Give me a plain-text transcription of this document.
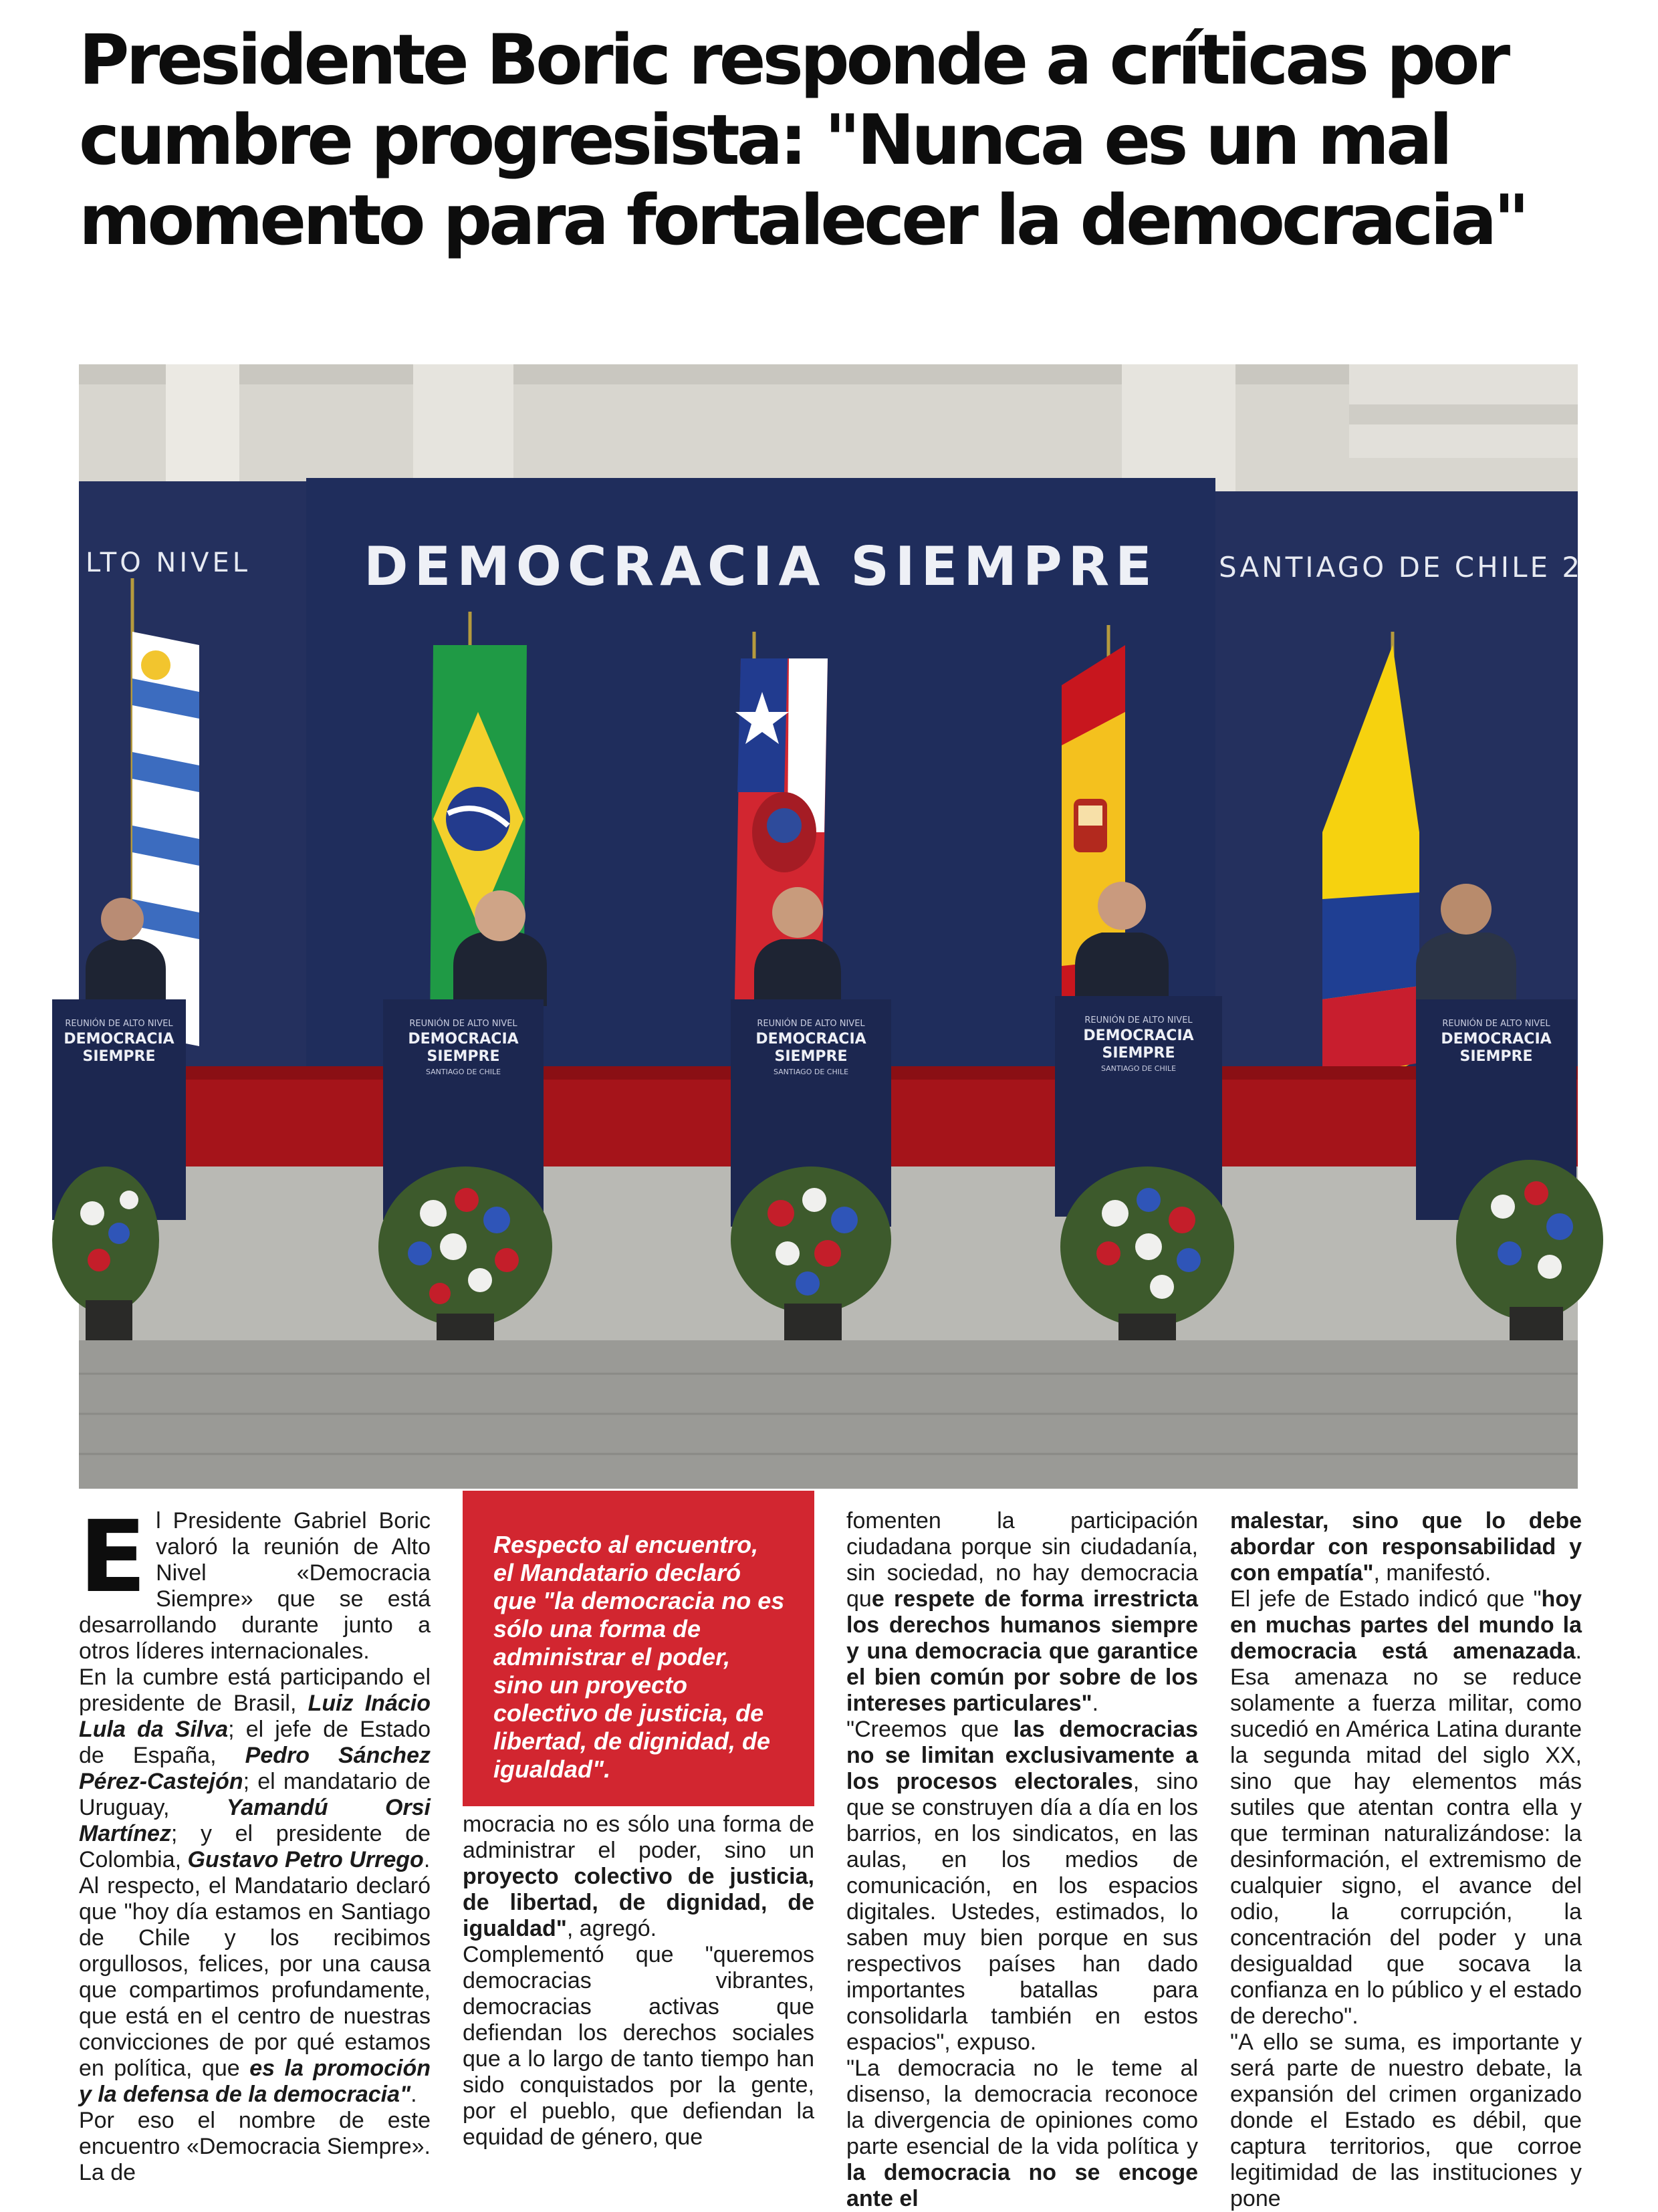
Presidente Boric responde a críticas por cumbre progresista: "Nunca es un mal momento para fortalecer la democracia"
LTO NIVEL DEMOCRACIA SIEMPRE SANTIAGO DE CHILE 2
REUNIÓN DE ALTO NIVEL
DEMOCRACIA
SIEMPRE
REUNIÓN DE ALTO NIVEL
DEMOCRACIA
SIEMPRE
SANTIAGO DE CHILE
REUNIÓN DE ALTO NIVEL
DEMOCRACIA
SIEMPRE
SANTIAGO DE CHILE
REUNIÓN DE ALTO NIVEL
DEMOCRACIA
SIEMPRE
SANTIAGO DE CHILE
REUNIÓN DE ALTO NIVEL
DEMOCRACIA
SIEMPRE
E l Presidente Gabriel Boric valoró la reunión de Alto Nivel «Democracia Siempre» que se está desarrollando durante junto a otros líderes internacionales.

En la cumbre está participando el presidente de Brasil, Luiz Inácio Lula da Silva; el jefe de Estado de España, Pedro Sánchez Pérez-Castejón; el mandatario de Uruguay, Yamandú Orsi Martínez; y el presidente de Colombia, Gustavo Petro Urrego.

Al respecto, el Mandatario declaró que "hoy día estamos en Santiago de Chile y los recibimos orgullosos, felices, por una causa que compartimos profundamente, que está en el centro de nuestras convicciones de por qué estamos en política, que es la promoción y la defensa de la democracia".

Por eso el nombre de este encuentro «Democracia Siempre». La de

Respecto al encuentro, el Mandatario declaró que "la democracia no es sólo una forma de administrar el poder, sino un proyecto colectivo de justicia, de libertad, de dignidad, de igualdad".

mocracia no es sólo una forma de administrar el poder, sino un proyecto colectivo de justicia, de libertad, de dignidad, de igualdad", agregó.

Complementó que "queremos democracias vibrantes, democracias activas que defiendan los derechos sociales que a lo largo de tanto tiempo han sido conquistados por la gente, por el pueblo, que defiendan la equidad de género, que

fomenten la participación ciudadana porque sin ciudadanía, sin sociedad, no hay democracia que respete de forma irrestricta los derechos humanos siempre y una democracia que garantice el bien común por sobre de los intereses particulares".

"Creemos que las democracias no se limitan exclusivamente a los procesos electorales, sino que se construyen día a día en los barrios, en los sindicatos, en las aulas, en los medios de comunicación, en los espacios digitales. Ustedes, estimados, lo saben muy bien porque en sus respectivos países han dado importantes batallas para consolidarla también en estos espacios", expuso.

"La democracia no le teme al disenso, la democracia reconoce la divergencia de opiniones como parte esencial de la vida política y la democracia no se encoge ante el

malestar, sino que lo debe abordar con responsabilidad y con empatía", manifestó.

El jefe de Estado indicó que "hoy en muchas partes del mundo la democracia está amenazada. Esa amenaza no se reduce solamente a fuerza militar, como sucedió en América Latina durante la segunda mitad del siglo XX, sino que hay elementos más sutiles que atentan contra ella y que terminan naturalizándose: la desinformación, el extremismo de cualquier signo, el avance del odio, la corrupción, la concentración del poder y una desigualdad que socava la confianza en lo público y el estado de derecho".

"A ello se suma, es importante y será parte de nuestro debate, la expansión del crimen organizado donde el Estado es débil, que captura territorios, que corroe legitimidad de las instituciones y pone
